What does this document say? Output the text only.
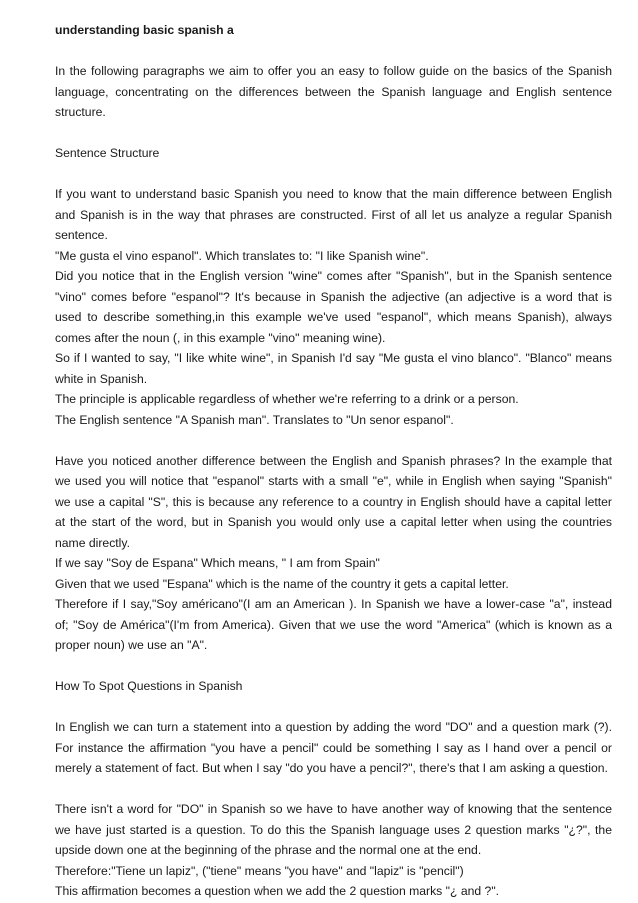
understanding basic spanish a

In the following paragraphs we aim to offer you an easy to follow guide on the basics of the Spanish language, concentrating on the differences between the Spanish language and English sentence structure.

Sentence Structure

If you want to understand basic Spanish you need to know that the main difference between English and Spanish is in the way that phrases are constructed. First of all let us analyze a regular Spanish sentence.

"Me gusta el vino espanol". Which translates to: "I like Spanish wine".

Did you notice that in the English version "wine" comes after "Spanish", but in the Spanish sentence "vino" comes before "espanol"? It's because in Spanish the adjective (an adjective is a word that is used to describe something,in this example we've used "espanol", which means Spanish), always comes after the noun (, in this example "vino" meaning wine).

So if I wanted to say, "I like white wine", in Spanish I'd say "Me gusta el vino blanco". "Blanco" means white in Spanish.

The principle is applicable regardless of whether we're referring to a drink or a person.

The English sentence "A Spanish man". Translates to "Un senor espanol".

Have you noticed another difference between the English and Spanish phrases? In the example that we used you will notice that "espanol" starts with a small "e", while in English when saying "Spanish" we use a capital "S", this is because any reference to a country in English should have a capital letter at the start of the word, but in Spanish you would only use a capital letter when using the countries name directly.

If we say "Soy de Espana" Which means, " I am from Spain"

Given that we used "Espana" which is the name of the country it gets a capital letter.

Therefore if I say,"Soy américano"(I am an American ). In Spanish we have a lower-case "a", instead of; "Soy de América"(I'm from America). Given that we use the word "America" (which is known as a proper noun) we use an "A".

How To Spot Questions in Spanish

In English we can turn a statement into a question by adding the word "DO" and a question mark (?). For instance the affirmation "you have a pencil" could be something I say as I hand over a pencil or merely a statement of fact. But when I say "do you have a pencil?", there's that I am asking a question.

There isn't a word for "DO" in Spanish so we have to have another way of knowing that the sentence we have just started is a question. To do this the Spanish language uses 2 question marks "¿?", the upside down one at the beginning of the phrase and the normal one at the end.

Therefore:"Tiene un lapiz", ("tiene" means "you have" and "lapiz" is "pencil")

This affirmation becomes a question when we add the 2 question marks "¿ and ?".
